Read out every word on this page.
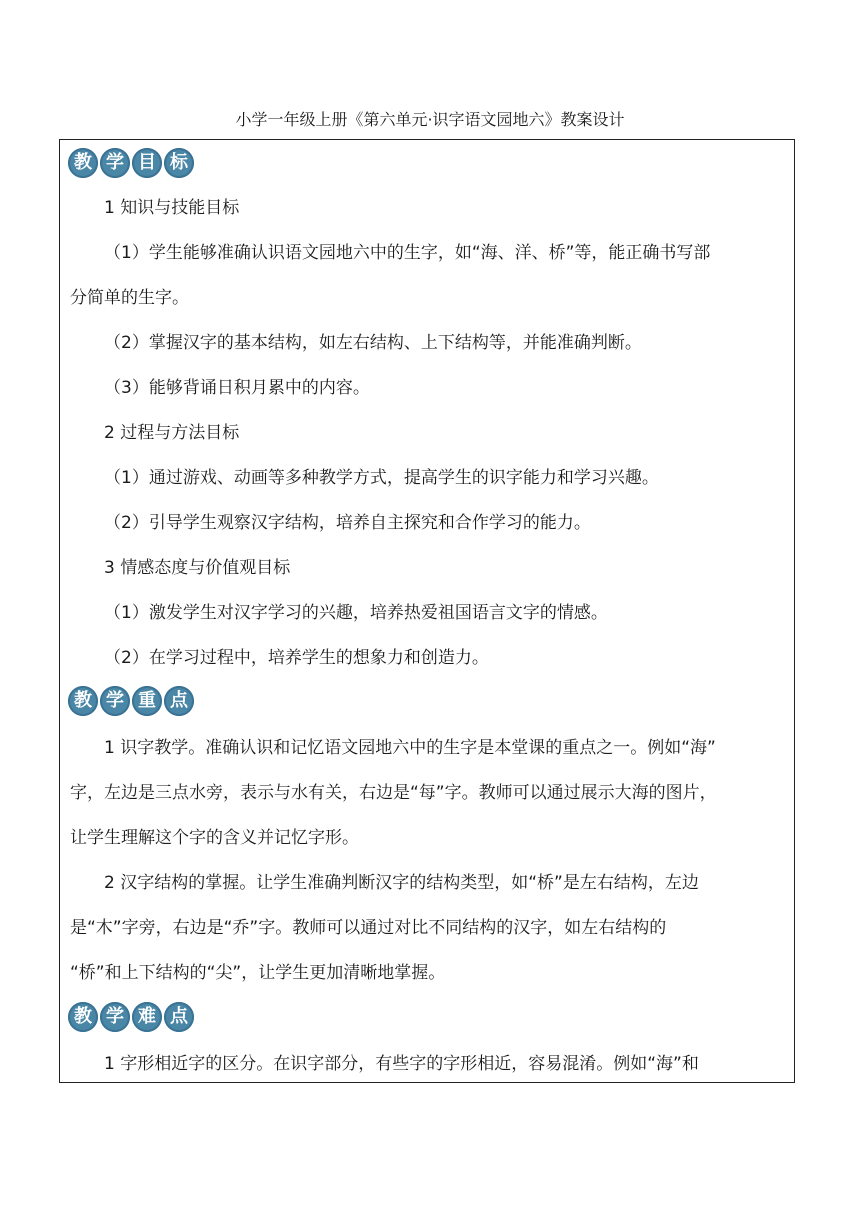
小学一年级上册《第六单元·识字语文园地六》教案设计
教 学 目 标
1 知识与技能目标
（1）学生能够准确认识语文园地六中的生字，如“海、洋、桥”等，能正确书写部
分简单的生字。
（2）掌握汉字的基本结构，如左右结构、上下结构等，并能准确判断。
（3）能够背诵日积月累中的内容。
2 过程与方法目标
（1）通过游戏、动画等多种教学方式，提高学生的识字能力和学习兴趣。
（2）引导学生观察汉字结构，培养自主探究和合作学习的能力。
3 情感态度与价值观目标
（1）激发学生对汉字学习的兴趣，培养热爱祖国语言文字的情感。
（2）在学习过程中，培养学生的想象力和创造力。
教 学 重 点
1 识字教学。准确认识和记忆语文园地六中的生字是本堂课的重点之一。例如“海”
字，左边是三点水旁，表示与水有关，右边是“每”字。教师可以通过展示大海的图片，
让学生理解这个字的含义并记忆字形。
2 汉字结构的掌握。让学生准确判断汉字的结构类型，如“桥”是左右结构，左边
是“木”字旁，右边是“乔”字。教师可以通过对比不同结构的汉字，如左右结构的
“桥”和上下结构的“尖”，让学生更加清晰地掌握。
教 学 难 点
1 字形相近字的区分。在识字部分，有些字的字形相近，容易混淆。例如“海”和
